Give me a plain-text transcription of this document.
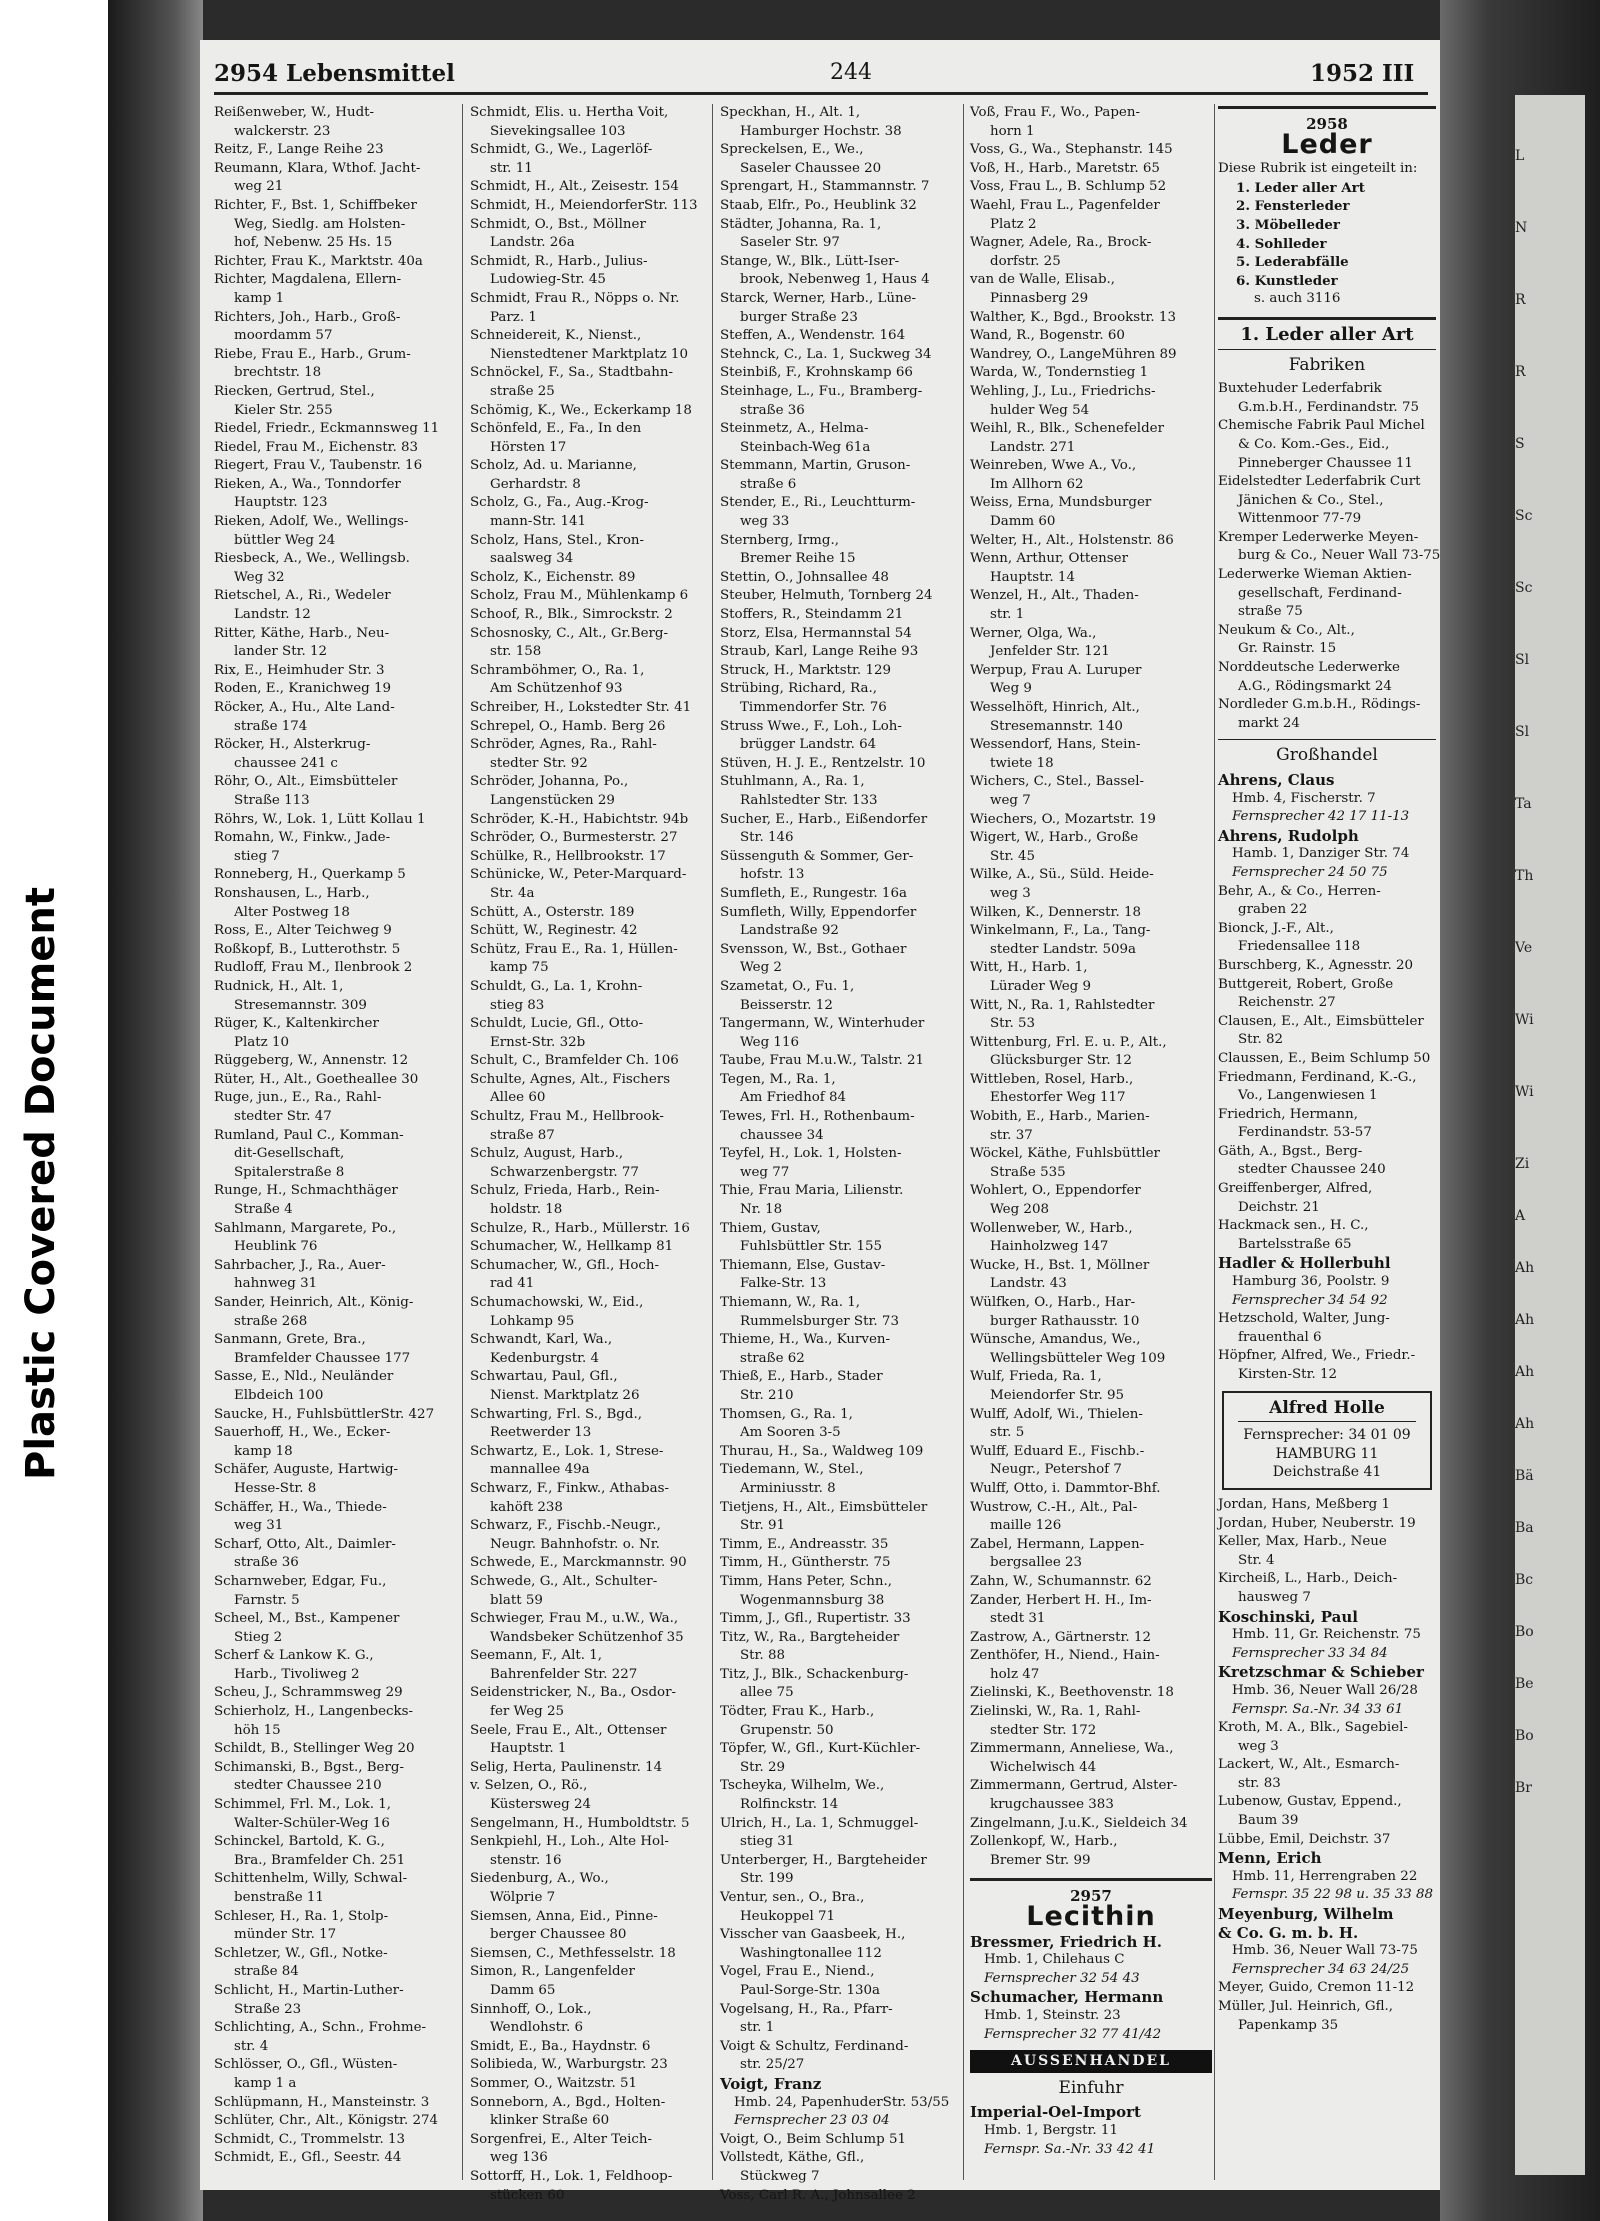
Plastic Covered Document
L
N
R
R
S
Sc
Sc
Sl
Sl
Ta
Th
Ve
Wi
Wi
Zi
A
Ah
Ah
Ah
Ah
Bä
Ba
Bc
Bo
Be
Bo
Br
2954 Lebensmittel	244	1952 III
Reißenweber, W., Hudt-
walckerstr. 23
Reitz, F., Lange Reihe 23
Reumann, Klara, Wthof. Jacht-
weg 21
Richter, F., Bst. 1, Schiffbeker
Weg, Siedlg. am Holsten-
hof, Nebenw. 25 Hs. 15
Richter, Frau K., Marktstr. 40a
Richter, Magdalena, Ellern-
kamp 1
Richters, Joh., Harb., Groß-
moordamm 57
Riebe, Frau E., Harb., Grum-
brechtstr. 18
Riecken, Gertrud, Stel.,
Kieler Str. 255
Riedel, Friedr., Eckmannsweg 11
Riedel, Frau M., Eichenstr. 83
Riegert, Frau V., Taubenstr. 16
Rieken, A., Wa., Tonndorfer
Hauptstr. 123
Rieken, Adolf, We., Wellings-
büttler Weg 24
Riesbeck, A., We., Wellingsb.
Weg 32
Rietschel, A., Ri., Wedeler
Landstr. 12
Ritter, Käthe, Harb., Neu-
lander Str. 12
Rix, E., Heimhuder Str. 3
Roden, E., Kranichweg 19
Röcker, A., Hu., Alte Land-
straße 174
Röcker, H., Alsterkrug-
chaussee 241 c
Röhr, O., Alt., Eimsbütteler
Straße 113
Röhrs, W., Lok. 1, Lütt Kollau 1
Romahn, W., Finkw., Jade-
stieg 7
Ronneberg, H., Querkamp 5
Ronshausen, L., Harb.,
Alter Postweg 18
Ross, E., Alter Teichweg 9
Roßkopf, B., Lutterothstr. 5
Rudloff, Frau M., Ilenbrook 2
Rudnick, H., Alt. 1,
Stresemannstr. 309
Rüger, K., Kaltenkircher
Platz 10
Rüggeberg, W., Annenstr. 12
Rüter, H., Alt., Goetheallee 30
Ruge, jun., E., Ra., Rahl-
stedter Str. 47
Rumland, Paul C., Komman-
dit-Gesellschaft,
Spitalerstraße 8
Runge, H., Schmachthäger
Straße 4
Sahlmann, Margarete, Po.,
Heublink 76
Sahrbacher, J., Ra., Auer-
hahnweg 31
Sander, Heinrich, Alt., König-
straße 268
Sanmann, Grete, Bra.,
Bramfelder Chaussee 177
Sasse, E., Nld., Neuländer
Elbdeich 100
Saucke, H., FuhlsbüttlerStr. 427
Sauerhoff, H., We., Ecker-
kamp 18
Schäfer, Auguste, Hartwig-
Hesse-Str. 8
Schäffer, H., Wa., Thiede-
weg 31
Scharf, Otto, Alt., Daimler-
straße 36
Scharnweber, Edgar, Fu.,
Farnstr. 5
Scheel, M., Bst., Kampener
Stieg 2
Scherf & Lankow K. G.,
Harb., Tivoliweg 2
Scheu, J., Schrammsweg 29
Schierholz, H., Langenbecks-
höh 15
Schildt, B., Stellinger Weg 20
Schimanski, B., Bgst., Berg-
stedter Chaussee 210
Schimmel, Frl. M., Lok. 1,
Walter-Schüler-Weg 16
Schinckel, Bartold, K. G.,
Bra., Bramfelder Ch. 251
Schittenhelm, Willy, Schwal-
benstraße 11
Schleser, H., Ra. 1, Stolp-
münder Str. 17
Schletzer, W., Gfl., Notke-
straße 84
Schlicht, H., Martin-Luther-
Straße 23
Schlichting, A., Schn., Frohme-
str. 4
Schlösser, O., Gfl., Wüsten-
kamp 1 a
Schlüpmann, H., Mansteinstr. 3
Schlüter, Chr., Alt., Königstr. 274
Schmidt, C., Trommelstr. 13
Schmidt, E., Gfl., Seestr. 44
Schmidt, Elis. u. Hertha Voit,
Sievekingsallee 103
Schmidt, G., We., Lagerlöf-
str. 11
Schmidt, H., Alt., Zeisestr. 154
Schmidt, H., MeiendorferStr. 113
Schmidt, O., Bst., Möllner
Landstr. 26a
Schmidt, R., Harb., Julius-
Ludowieg-Str. 45
Schmidt, Frau R., Nöpps o. Nr.
Parz. 1
Schneidereit, K., Nienst.,
Nienstedtener Marktplatz 10
Schnöckel, F., Sa., Stadtbahn-
straße 25
Schömig, K., We., Eckerkamp 18
Schönfeld, E., Fa., In den
Hörsten 17
Scholz, Ad. u. Marianne,
Gerhardstr. 8
Scholz, G., Fa., Aug.-Krog-
mann-Str. 141
Scholz, Hans, Stel., Kron-
saalsweg 34
Scholz, K., Eichenstr. 89
Scholz, Frau M., Mühlenkamp 6
Schoof, R., Blk., Simrockstr. 2
Schosnosky, C., Alt., Gr.Berg-
str. 158
Schramböhmer, O., Ra. 1,
Am Schützenhof 93
Schreiber, H., Lokstedter Str. 41
Schrepel, O., Hamb. Berg 26
Schröder, Agnes, Ra., Rahl-
stedter Str. 92
Schröder, Johanna, Po.,
Langenstücken 29
Schröder, K.-H., Habichtstr. 94b
Schröder, O., Burmesterstr. 27
Schülke, R., Hellbrookstr. 17
Schünicke, W., Peter-Marquard-
Str. 4a
Schütt, A., Osterstr. 189
Schütt, W., Reginestr. 42
Schütz, Frau E., Ra. 1, Hüllen-
kamp 75
Schuldt, G., La. 1, Krohn-
stieg 83
Schuldt, Lucie, Gfl., Otto-
Ernst-Str. 32b
Schult, C., Bramfelder Ch. 106
Schulte, Agnes, Alt., Fischers
Allee 60
Schultz, Frau M., Hellbrook-
straße 87
Schulz, August, Harb.,
Schwarzenbergstr. 77
Schulz, Frieda, Harb., Rein-
holdstr. 18
Schulze, R., Harb., Müllerstr. 16
Schumacher, W., Hellkamp 81
Schumacher, W., Gfl., Hoch-
rad 41
Schumachowski, W., Eid.,
Lohkamp 95
Schwandt, Karl, Wa.,
Kedenburgstr. 4
Schwartau, Paul, Gfl.,
Nienst. Marktplatz 26
Schwarting, Frl. S., Bgd.,
Reetwerder 13
Schwartz, E., Lok. 1, Strese-
mannallee 49a
Schwarz, F., Finkw., Athabas-
kahöft 238
Schwarz, F., Fischb.-Neugr.,
Neugr. Bahnhofstr. o. Nr.
Schwede, E., Marckmannstr. 90
Schwede, G., Alt., Schulter-
blatt 59
Schwieger, Frau M., u.W., Wa.,
Wandsbeker Schützenhof 35
Seemann, F., Alt. 1,
Bahrenfelder Str. 227
Seidenstricker, N., Ba., Osdor-
fer Weg 25
Seele, Frau E., Alt., Ottenser
Hauptstr. 1
Selig, Herta, Paulinenstr. 14
v. Selzen, O., Rö.,
Küstersweg 24
Sengelmann, H., Humboldtstr. 5
Senkpiehl, H., Loh., Alte Hol-
stenstr. 16
Siedenburg, A., Wo.,
Wölprie 7
Siemsen, Anna, Eid., Pinne-
berger Chaussee 80
Siemsen, C., Methfesselstr. 18
Simon, R., Langenfelder
Damm 65
Sinnhoff, O., Lok.,
Wendlohstr. 6
Smidt, E., Ba., Haydnstr. 6
Solibieda, W., Warburgstr. 23
Sommer, O., Waitzstr. 51
Sonneborn, A., Bgd., Holten-
klinker Straße 60
Sorgenfrei, E., Alter Teich-
weg 136
Sottorff, H., Lok. 1, Feldhoop-
stücken 60
Speckhan, H., Alt. 1,
Hamburger Hochstr. 38
Spreckelsen, E., We.,
Saseler Chaussee 20
Sprengart, H., Stammannstr. 7
Staab, Elfr., Po., Heublink 32
Städter, Johanna, Ra. 1,
Saseler Str. 97
Stange, W., Blk., Lütt-Iser-
brook, Nebenweg 1, Haus 4
Starck, Werner, Harb., Lüne-
burger Straße 23
Steffen, A., Wendenstr. 164
Stehnck, C., La. 1, Suckweg 34
Steinbiß, F., Krohnskamp 66
Steinhage, L., Fu., Bramberg-
straße 36
Steinmetz, A., Helma-
Steinbach-Weg 61a
Stemmann, Martin, Gruson-
straße 6
Stender, E., Ri., Leuchtturm-
weg 33
Sternberg, Irmg.,
Bremer Reihe 15
Stettin, O., Johnsallee 48
Steuber, Helmuth, Tornberg 24
Stoffers, R., Steindamm 21
Storz, Elsa, Hermannstal 54
Straub, Karl, Lange Reihe 93
Struck, H., Marktstr. 129
Strübing, Richard, Ra.,
Timmendorfer Str. 76
Struss Wwe., F., Loh., Loh-
brügger Landstr. 64
Stüven, H. J. E., Rentzelstr. 10
Stuhlmann, A., Ra. 1,
Rahlstedter Str. 133
Sucher, E., Harb., Eißendorfer
Str. 146
Süssenguth & Sommer, Ger-
hofstr. 13
Sumfleth, E., Rungestr. 16a
Sumfleth, Willy, Eppendorfer
Landstraße 92
Svensson, W., Bst., Gothaer
Weg 2
Szametat, O., Fu. 1,
Beisserstr. 12
Tangermann, W., Winterhuder
Weg 116
Taube, Frau M.u.W., Talstr. 21
Tegen, M., Ra. 1,
Am Friedhof 84
Tewes, Frl. H., Rothenbaum-
chaussee 34
Teyfel, H., Lok. 1, Holsten-
weg 77
Thie, Frau Maria, Lilienstr.
Nr. 18
Thiem, Gustav,
Fuhlsbüttler Str. 155
Thiemann, Else, Gustav-
Falke-Str. 13
Thiemann, W., Ra. 1,
Rummelsburger Str. 73
Thieme, H., Wa., Kurven-
straße 62
Thieß, E., Harb., Stader
Str. 210
Thomsen, G., Ra. 1,
Am Sooren 3-5
Thurau, H., Sa., Waldweg 109
Tiedemann, W., Stel.,
Arminiusstr. 8
Tietjens, H., Alt., Eimsbütteler
Str. 91
Timm, E., Andreasstr. 35
Timm, H., Güntherstr. 75
Timm, Hans Peter, Schn.,
Wogenmannsburg 38
Timm, J., Gfl., Rupertistr. 33
Titz, W., Ra., Bargteheider
Str. 88
Titz, J., Blk., Schackenburg-
allee 75
Tödter, Frau K., Harb.,
Grupenstr. 50
Töpfer, W., Gfl., Kurt-Küchler-
Str. 29
Tscheyka, Wilhelm, We.,
Rolfinckstr. 14
Ulrich, H., La. 1, Schmuggel-
stieg 31
Unterberger, H., Bargteheider
Str. 199
Ventur, sen., O., Bra.,
Heukoppel 71
Visscher van Gaasbeek, H.,
Washingtonallee 112
Vogel, Frau E., Niend.,
Paul-Sorge-Str. 130a
Vogelsang, H., Ra., Pfarr-
str. 1
Voigt & Schultz, Ferdinand-
str. 25/27
Voigt, Franz
Hmb. 24, PapenhuderStr. 53/55
Fernsprecher 23 03 04
Voigt, O., Beim Schlump 51
Vollstedt, Käthe, Gfl.,
Stückweg 7
Voss, Carl R. A., Johnsallee 2
Voß, Frau F., Wo., Papen-
horn 1
Voss, G., Wa., Stephanstr. 145
Voß, H., Harb., Maretstr. 65
Voss, Frau L., B. Schlump 52
Waehl, Frau L., Pagenfelder
Platz 2
Wagner, Adele, Ra., Brock-
dorfstr. 25
van de Walle, Elisab.,
Pinnasberg 29
Walther, K., Bgd., Brookstr. 13
Wand, R., Bogenstr. 60
Wandrey, O., LangeMühren 89
Warda, W., Tondernstieg 1
Wehling, J., Lu., Friedrichs-
hulder Weg 54
Weihl, R., Blk., Schenefelder
Landstr. 271
Weinreben, Wwe A., Vo.,
Im Allhorn 62
Weiss, Erna, Mundsburger
Damm 60
Welter, H., Alt., Holstenstr. 86
Wenn, Arthur, Ottenser
Hauptstr. 14
Wenzel, H., Alt., Thaden-
str. 1
Werner, Olga, Wa.,
Jenfelder Str. 121
Werpup, Frau A. Luruper
Weg 9
Wesselhöft, Hinrich, Alt.,
Stresemannstr. 140
Wessendorf, Hans, Stein-
twiete 18
Wichers, C., Stel., Bassel-
weg 7
Wiechers, O., Mozartstr. 19
Wigert, W., Harb., Große
Str. 45
Wilke, A., Sü., Süld. Heide-
weg 3
Wilken, K., Dennerstr. 18
Winkelmann, F., La., Tang-
stedter Landstr. 509a
Witt, H., Harb. 1,
Lürader Weg 9
Witt, N., Ra. 1, Rahlstedter
Str. 53
Wittenburg, Frl. E. u. P., Alt.,
Glücksburger Str. 12
Wittleben, Rosel, Harb.,
Ehestorfer Weg 117
Wobith, E., Harb., Marien-
str. 37
Wöckel, Käthe, Fuhlsbüttler
Straße 535
Wohlert, O., Eppendorfer
Weg 208
Wollenweber, W., Harb.,
Hainholzweg 147
Wucke, H., Bst. 1, Möllner
Landstr. 43
Wülfken, O., Harb., Har-
burger Rathausstr. 10
Wünsche, Amandus, We.,
Wellingsbütteler Weg 109
Wulf, Frieda, Ra. 1,
Meiendorfer Str. 95
Wulff, Adolf, Wi., Thielen-
str. 5
Wulff, Eduard E., Fischb.-
Neugr., Petershof 7
Wulff, Otto, i. Dammtor-Bhf.
Wustrow, C.-H., Alt., Pal-
maille 126
Zabel, Hermann, Lappen-
bergsallee 23
Zahn, W., Schumannstr. 62
Zander, Herbert H. H., Im-
stedt 31
Zastrow, A., Gärtnerstr. 12
Zenthöfer, H., Niend., Hain-
holz 47
Zielinski, K., Beethovenstr. 18
Zielinski, W., Ra. 1, Rahl-
stedter Str. 172
Zimmermann, Anneliese, Wa.,
Wichelwisch 44
Zimmermann, Gertrud, Alster-
krugchaussee 383
Zingelmann, J.u.K., Sieldeich 34
Zollenkopf, W., Harb.,
Bremer Str. 99
2957
Lecithin
Bressmer, Friedrich H.
Hmb. 1, Chilehaus C
Fernsprecher 32 54 43
Schumacher, Hermann
Hmb. 1, Steinstr. 23
Fernsprecher 32 77 41/42
AUSSENHANDEL
Einfuhr
Imperial-Oel-Import
Hmb. 1, Bergstr. 11
Fernspr. Sa.-Nr. 33 42 41
2958
Leder
Diese Rubrik ist eingeteilt in:
1. Leder aller Art
2. Fensterleder
3. Möbelleder
4. Sohlleder
5. Lederabfälle
6. Kunstleder
s. auch 3116
1. Leder aller Art
Fabriken
Buxtehuder Lederfabrik
G.m.b.H., Ferdinandstr. 75
Chemische Fabrik Paul Michel
& Co. Kom.-Ges., Eid.,
Pinneberger Chaussee 11
Eidelstedter Lederfabrik Curt
Jänichen & Co., Stel.,
Wittenmoor 77-79
Kremper Lederwerke Meyen-
burg & Co., Neuer Wall 73-75
Lederwerke Wieman Aktien-
gesellschaft, Ferdinand-
straße 75
Neukum & Co., Alt.,
Gr. Rainstr. 15
Norddeutsche Lederwerke
A.G., Rödingsmarkt 24
Nordleder G.m.b.H., Rödings-
markt 24
Großhandel
Ahrens, Claus
Hmb. 4, Fischerstr. 7
Fernsprecher 42 17 11-13
Ahrens, Rudolph
Hamb. 1, Danziger Str. 74
Fernsprecher 24 50 75
Behr, A., & Co., Herren-
graben 22
Bionck, J.-F., Alt.,
Friedensallee 118
Burschberg, K., Agnesstr. 20
Buttgereit, Robert, Große
Reichenstr. 27
Clausen, E., Alt., Eimsbütteler
Str. 82
Claussen, E., Beim Schlump 50
Friedmann, Ferdinand, K.-G.,
Vo., Langenwiesen 1
Friedrich, Hermann,
Ferdinandstr. 53-57
Gäth, A., Bgst., Berg-
stedter Chaussee 240
Greiffenberger, Alfred,
Deichstr. 21
Hackmack sen., H. C.,
Bartelsstraße 65
Hadler & Hollerbuhl
Hamburg 36, Poolstr. 9
Fernsprecher 34 54 92
Hetzschold, Walter, Jung-
frauenthal 6
Höpfner, Alfred, We., Friedr.-
Kirsten-Str. 12
Alfred Holle
Fernsprecher: 34 01 09
HAMBURG 11
Deichstraße 41
Jordan, Hans, Meßberg 1
Jordan, Huber, Neuberstr. 19
Keller, Max, Harb., Neue
Str. 4
Kircheiß, L., Harb., Deich-
hausweg 7
Koschinski, Paul
Hmb. 11, Gr. Reichenstr. 75
Fernsprecher 33 34 84
Kretzschmar & Schieber
Hmb. 36, Neuer Wall 26/28
Fernspr. Sa.-Nr. 34 33 61
Kroth, M. A., Blk., Sagebiel-
weg 3
Lackert, W., Alt., Esmarch-
str. 83
Lubenow, Gustav, Eppend.,
Baum 39
Lübbe, Emil, Deichstr. 37
Menn, Erich
Hmb. 11, Herrengraben 22
Fernspr. 35 22 98 u. 35 33 88
Meyenburg, Wilhelm
& Co. G. m. b. H.
Hmb. 36, Neuer Wall 73-75
Fernsprecher 34 63 24/25
Meyer, Guido, Cremon 11-12
Müller, Jul. Heinrich, Gfl.,
Papenkamp 35
